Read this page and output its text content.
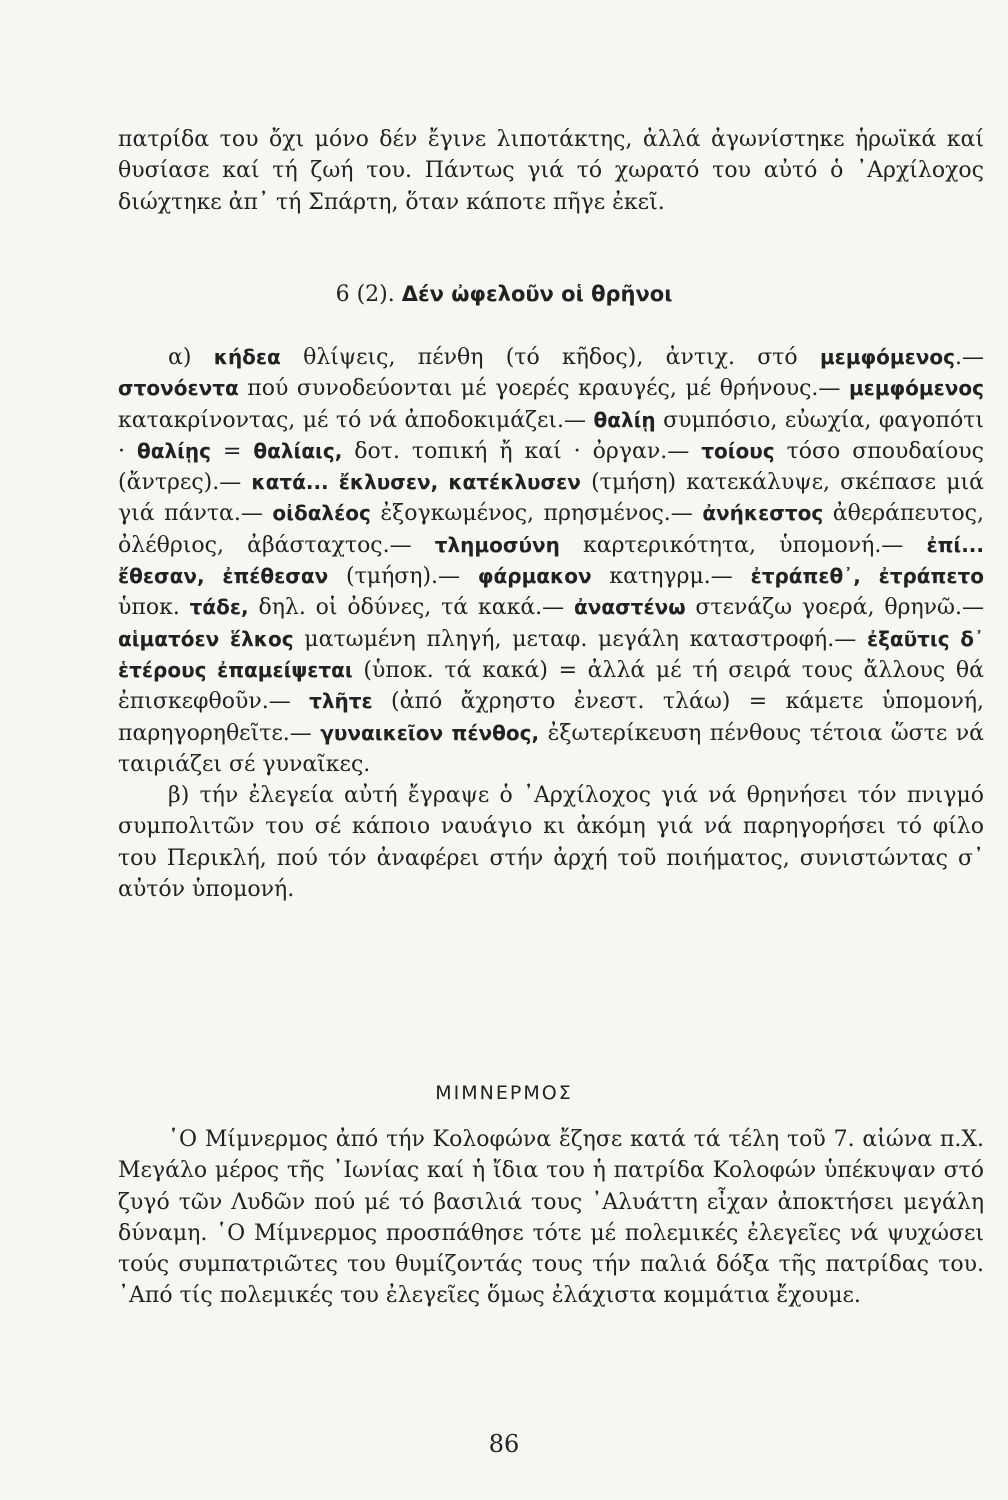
πατρίδα του ὄχι μόνο δέν ἔγινε λιποτάκτης, ἀλλά ἀγωνίστηκε ἡρωϊκά καί θυσίασε καί τή ζωή του. Πάντως γιά τό χωρατό του αὐτό ὁ ᾿Αρχίλοχος διώχτηκε ἀπ᾿ τή Σπάρτη, ὅταν κάποτε πῆγε ἐκεῖ.

6 (2). Δέν ὠφελοῦν οἱ θρῆνοι

α) κήδεα θλίψεις, πένθη (τό κῆδος), ἀντιχ. στό μεμφόμενος.— στονόεντα πού συνοδεύονται μέ γοερές κραυγές, μέ θρήνους.— μεμφόμενος κατακρίνοντας, μέ τό νά ἀποδοκιμάζει.— θαλίῃ συμπόσιο, εὐωχία, φαγοπότι · θαλίῃς = θαλίαις, δοτ. τοπική ἤ καί · ὀργαν.— τοίους τόσο σπουδαίους (ἄντρες).— κατά... ἔκλυσεν, κατέκλυσεν (τμήση) κατεκάλυψε, σκέπασε μιά γιά πάντα.— οἰδαλέος ἐξογκωμένος, πρησμένος.— ἀνήκεστος ἀθεράπευτος, ὀλέθριος, ἀβάσταχτος.— τλημοσύνη καρτερικότητα, ὑπομονή.— ἐπί... ἔθεσαν, ἐπέθεσαν (τμήση).— φάρμακον κατηγρμ.— ἐτράπεθ᾿, ἐτράπετο ὑποκ. τάδε, δηλ. οἱ ὀδύνες, τά κακά.— ἀναστένω στενάζω γοερά, θρηνῶ.— αἱματόεν ἕλκος ματωμένη πληγή, μεταφ. μεγάλη καταστροφή.— ἐξαῦτις δ᾿ ἑτέρους ἐπαμείψεται (ὑποκ. τά κακά) = ἀλλά μέ τή σειρά τους ἄλλους θά ἐπισκεφθοῦν.— τλῆτε (ἀπό ἄχρηστο ἐνεστ. τλάω) = κάμετε ὑπομονή, παρηγορηθεῖτε.— γυναικεῖον πένθος, ἐξωτερίκευση πένθους τέτοια ὥστε νά ταιριάζει σέ γυναῖκες.

β) τήν ἐλεγεία αὐτή ἔγραψε ὁ ᾿Αρχίλοχος γιά νά θρηνήσει τόν πνιγμό συμπολιτῶν του σέ κάποιο ναυάγιο κι ἀκόμη γιά νά παρηγορήσει τό φίλο του Περικλή, πού τόν ἀναφέρει στήν ἀρχή τοῦ ποιήματος, συνιστώντας σ᾿ αὐτόν ὑπομονή.

ΜΙΜΝΕΡΜΟΣ

῾Ο Μίμνερμος ἀπό τήν Κολοφώνα ἔζησε κατά τά τέλη τοῦ 7. αἰώνα π.Χ. Μεγάλο μέρος τῆς ᾿Ιωνίας καί ἡ ἴδια του ἡ πατρίδα Κολοφών ὑπέκυψαν στό ζυγό τῶν Λυδῶν πού μέ τό βασιλιά τους ᾿Αλυάττη εἶχαν ἀποκτήσει μεγάλη δύναμη. ῾Ο Μίμνερμος προσπάθησε τότε μέ πολεμικές ἐλεγεῖες νά ψυχώσει τούς συμπατριῶτες του θυμίζοντάς τους τήν παλιά δόξα τῆς πατρίδας του. ᾿Από τίς πολεμικές του ἐλεγεῖες ὅμως ἐλάχιστα κομμάτια ἔχουμε.

86
